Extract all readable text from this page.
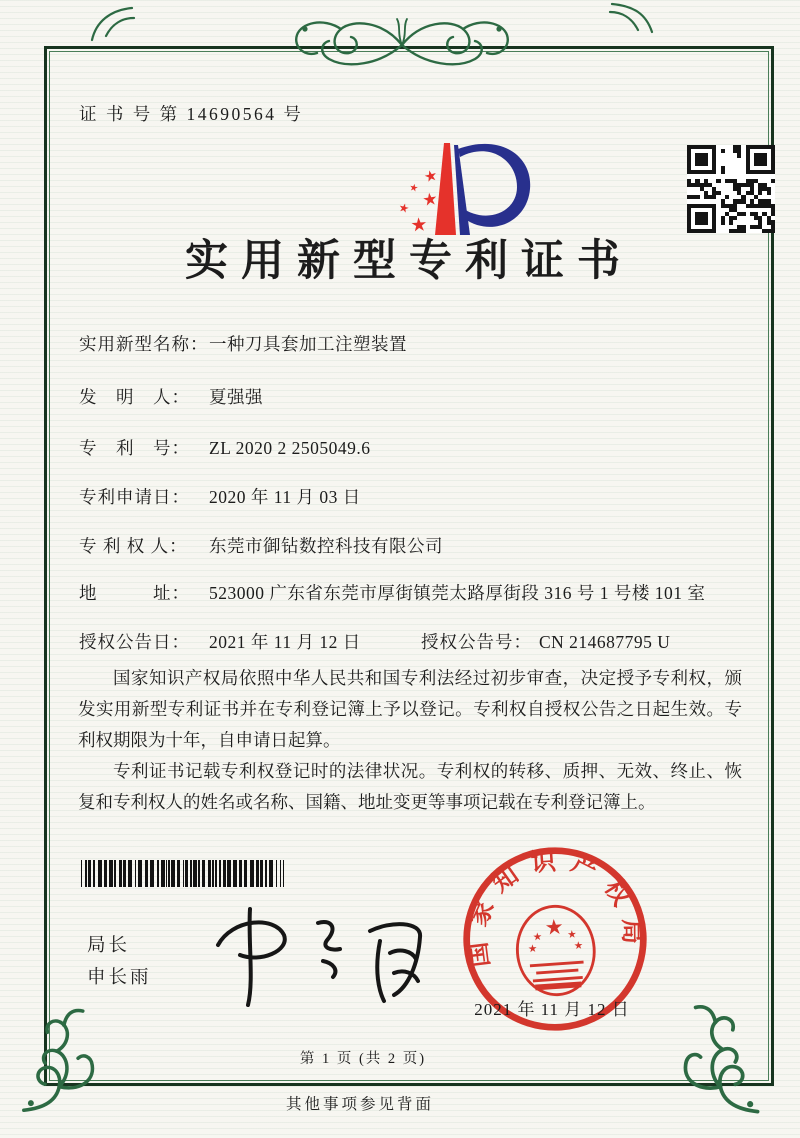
证 书 号 第 14690564 号
★
★
★
★
★
实用新型专利证书
实用新型名称： 一种刀具套加工注塑装置
发　明　人：	夏强强
专　利　号：	ZL 2020 2 2505049.6
专利申请日：	2020 年 11 月 03 日
专 利 权 人：	东莞市御钻数控科技有限公司
地　　　址：	523000 广东省东莞市厚街镇莞太路厚街段 316 号 1 号楼 101 室
授权公告日：	2021 年 11 月 12 日	授权公告号： CN 214687795 U

国家知识产权局依照中华人民共和国专利法经过初步审查，决定授予专利权，颁发实用新型专利证书并在专利登记簿上予以登记。专利权自授权公告之日起生效。专利权期限为十年，自申请日起算。

专利证书记载专利权登记时的法律状况。专利权的转移、质押、无效、终止、恢复和专利权人的姓名或名称、国籍、地址变更等事项记载在专利登记簿上。

局长
申长雨
国家知识产权局
★
★ ★
★	★
2021 年 11 月 12 日
第 1 页 (共 2 页)
其他事项参见背面
